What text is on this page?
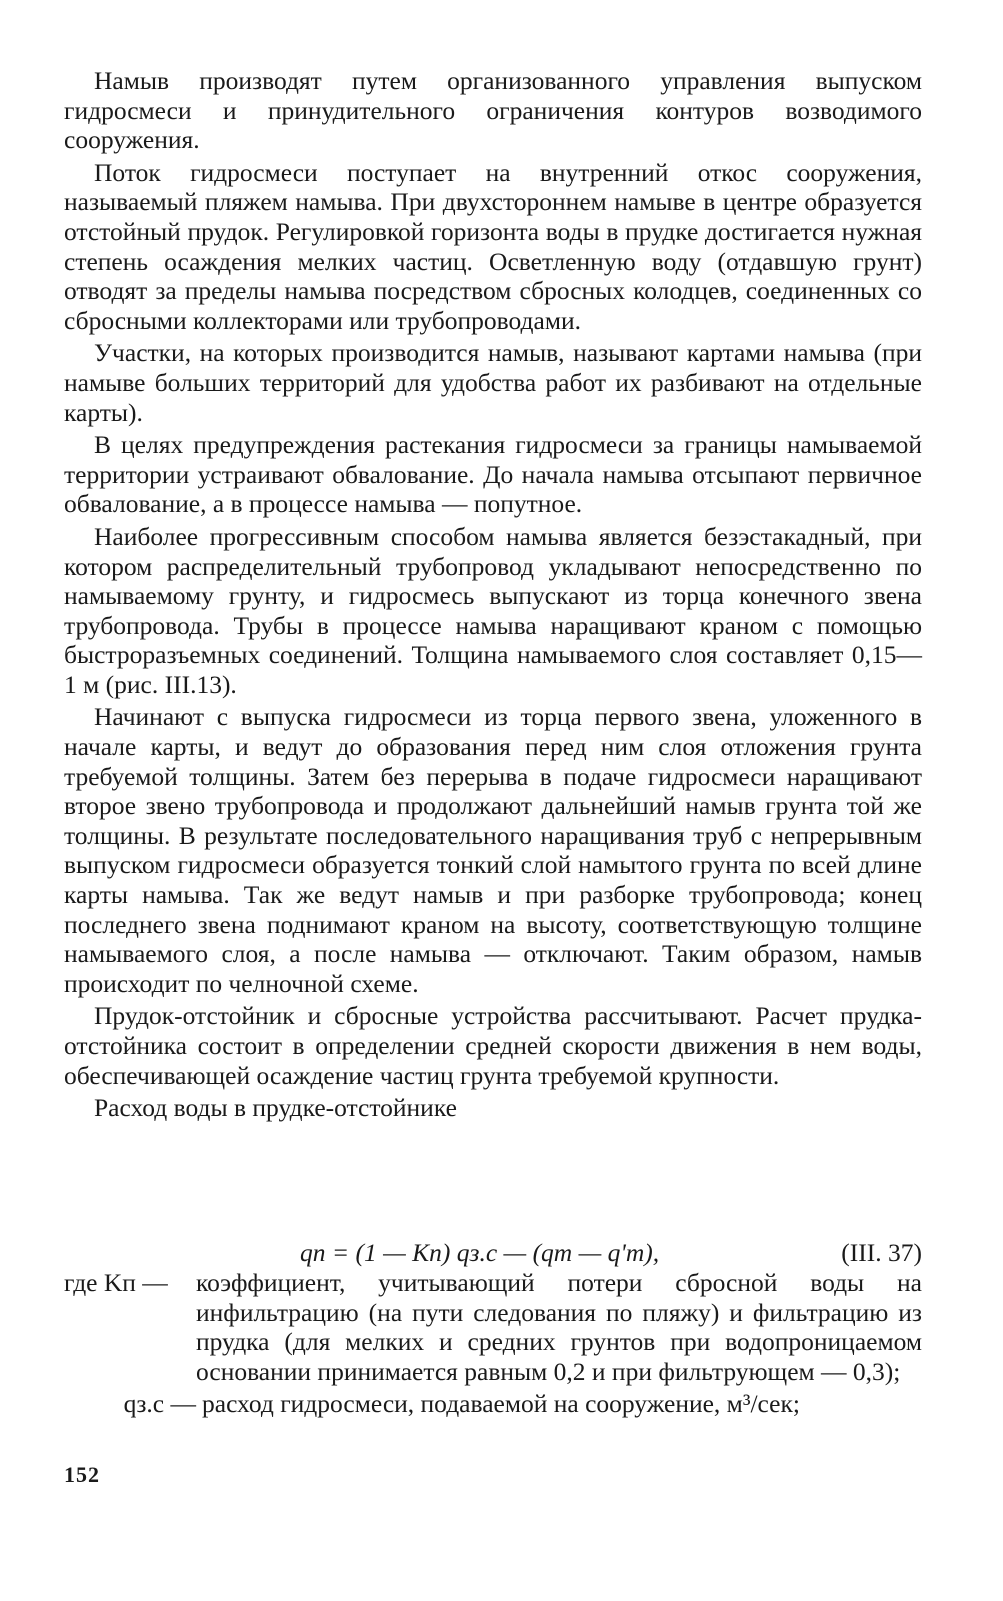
Намыв производят путем организованного управления выпуском гидросмеси и принудительного ограничения контуров возводимого сооружения.

Поток гидросмеси поступает на внутренний откос сооружения, называемый пляжем намыва. При двухстороннем намыве в центре образуется отстойный прудок. Регулировкой горизонта воды в прудке достигается нужная степень осаждения мелких частиц. Осветленную воду (отдавшую грунт) отводят за пределы намыва посредством сбросных колодцев, соединенных со сбросными коллекторами или трубопроводами.

Участки, на которых производится намыв, называют картами намыва (при намыве больших территорий для удобства работ их разбивают на отдельные карты).

В целях предупреждения растекания гидросмеси за границы намываемой территории устраивают обвалование. До начала намыва отсыпают первичное обвалование, а в процессе намыва — попутное.

Наиболее прогрессивным способом намыва является безэстакадный, при котором распределительный трубопровод укладывают непосредственно по намываемому грунту, и гидросмесь выпускают из торца конечного звена трубопровода. Трубы в процессе намыва наращивают краном с помощью быстроразъемных соединений. Толщина намываемого слоя составляет 0,15—1 м (рис. III.13).

Начинают с выпуска гидросмеси из торца первого звена, уложенного в начале карты, и ведут до образования перед ним слоя отложения грунта требуемой толщины. Затем без перерыва в подаче гидросмеси наращивают второе звено трубопровода и продолжают дальнейший намыв грунта той же толщины. В результате последовательного наращивания труб с непрерывным выпуском гидросмеси образуется тонкий слой намытого грунта по всей длине карты намыва. Так же ведут намыв и при разборке трубопровода; конец последнего звена поднимают краном на высоту, соответствующую толщине намываемого слоя, а после намыва — отключают. Таким образом, намыв происходит по челночной схеме.

Прудок-отстойник и сбросные устройства рассчитывают. Расчет прудка-отстойника состоит в определении средней скорости движения в нем воды, обеспечивающей осаждение частиц грунта требуемой крупности.

Расход воды в прудке-отстойнике

qп = (1 — Kп) qз.с — (qт — q'т),	(III. 37)
где Kп —	коэффициент, учитывающий потери сбросной воды на инфильтрацию (на пути следования по пляжу) и фильтрацию из прудка (для мелких и средних грунтов при водопроницаемом основании принимается равным 0,2 и при фильтрующем — 0,3);
qз.с — расход гидросмеси, подаваемой на сооружение, м³/сек;
152
